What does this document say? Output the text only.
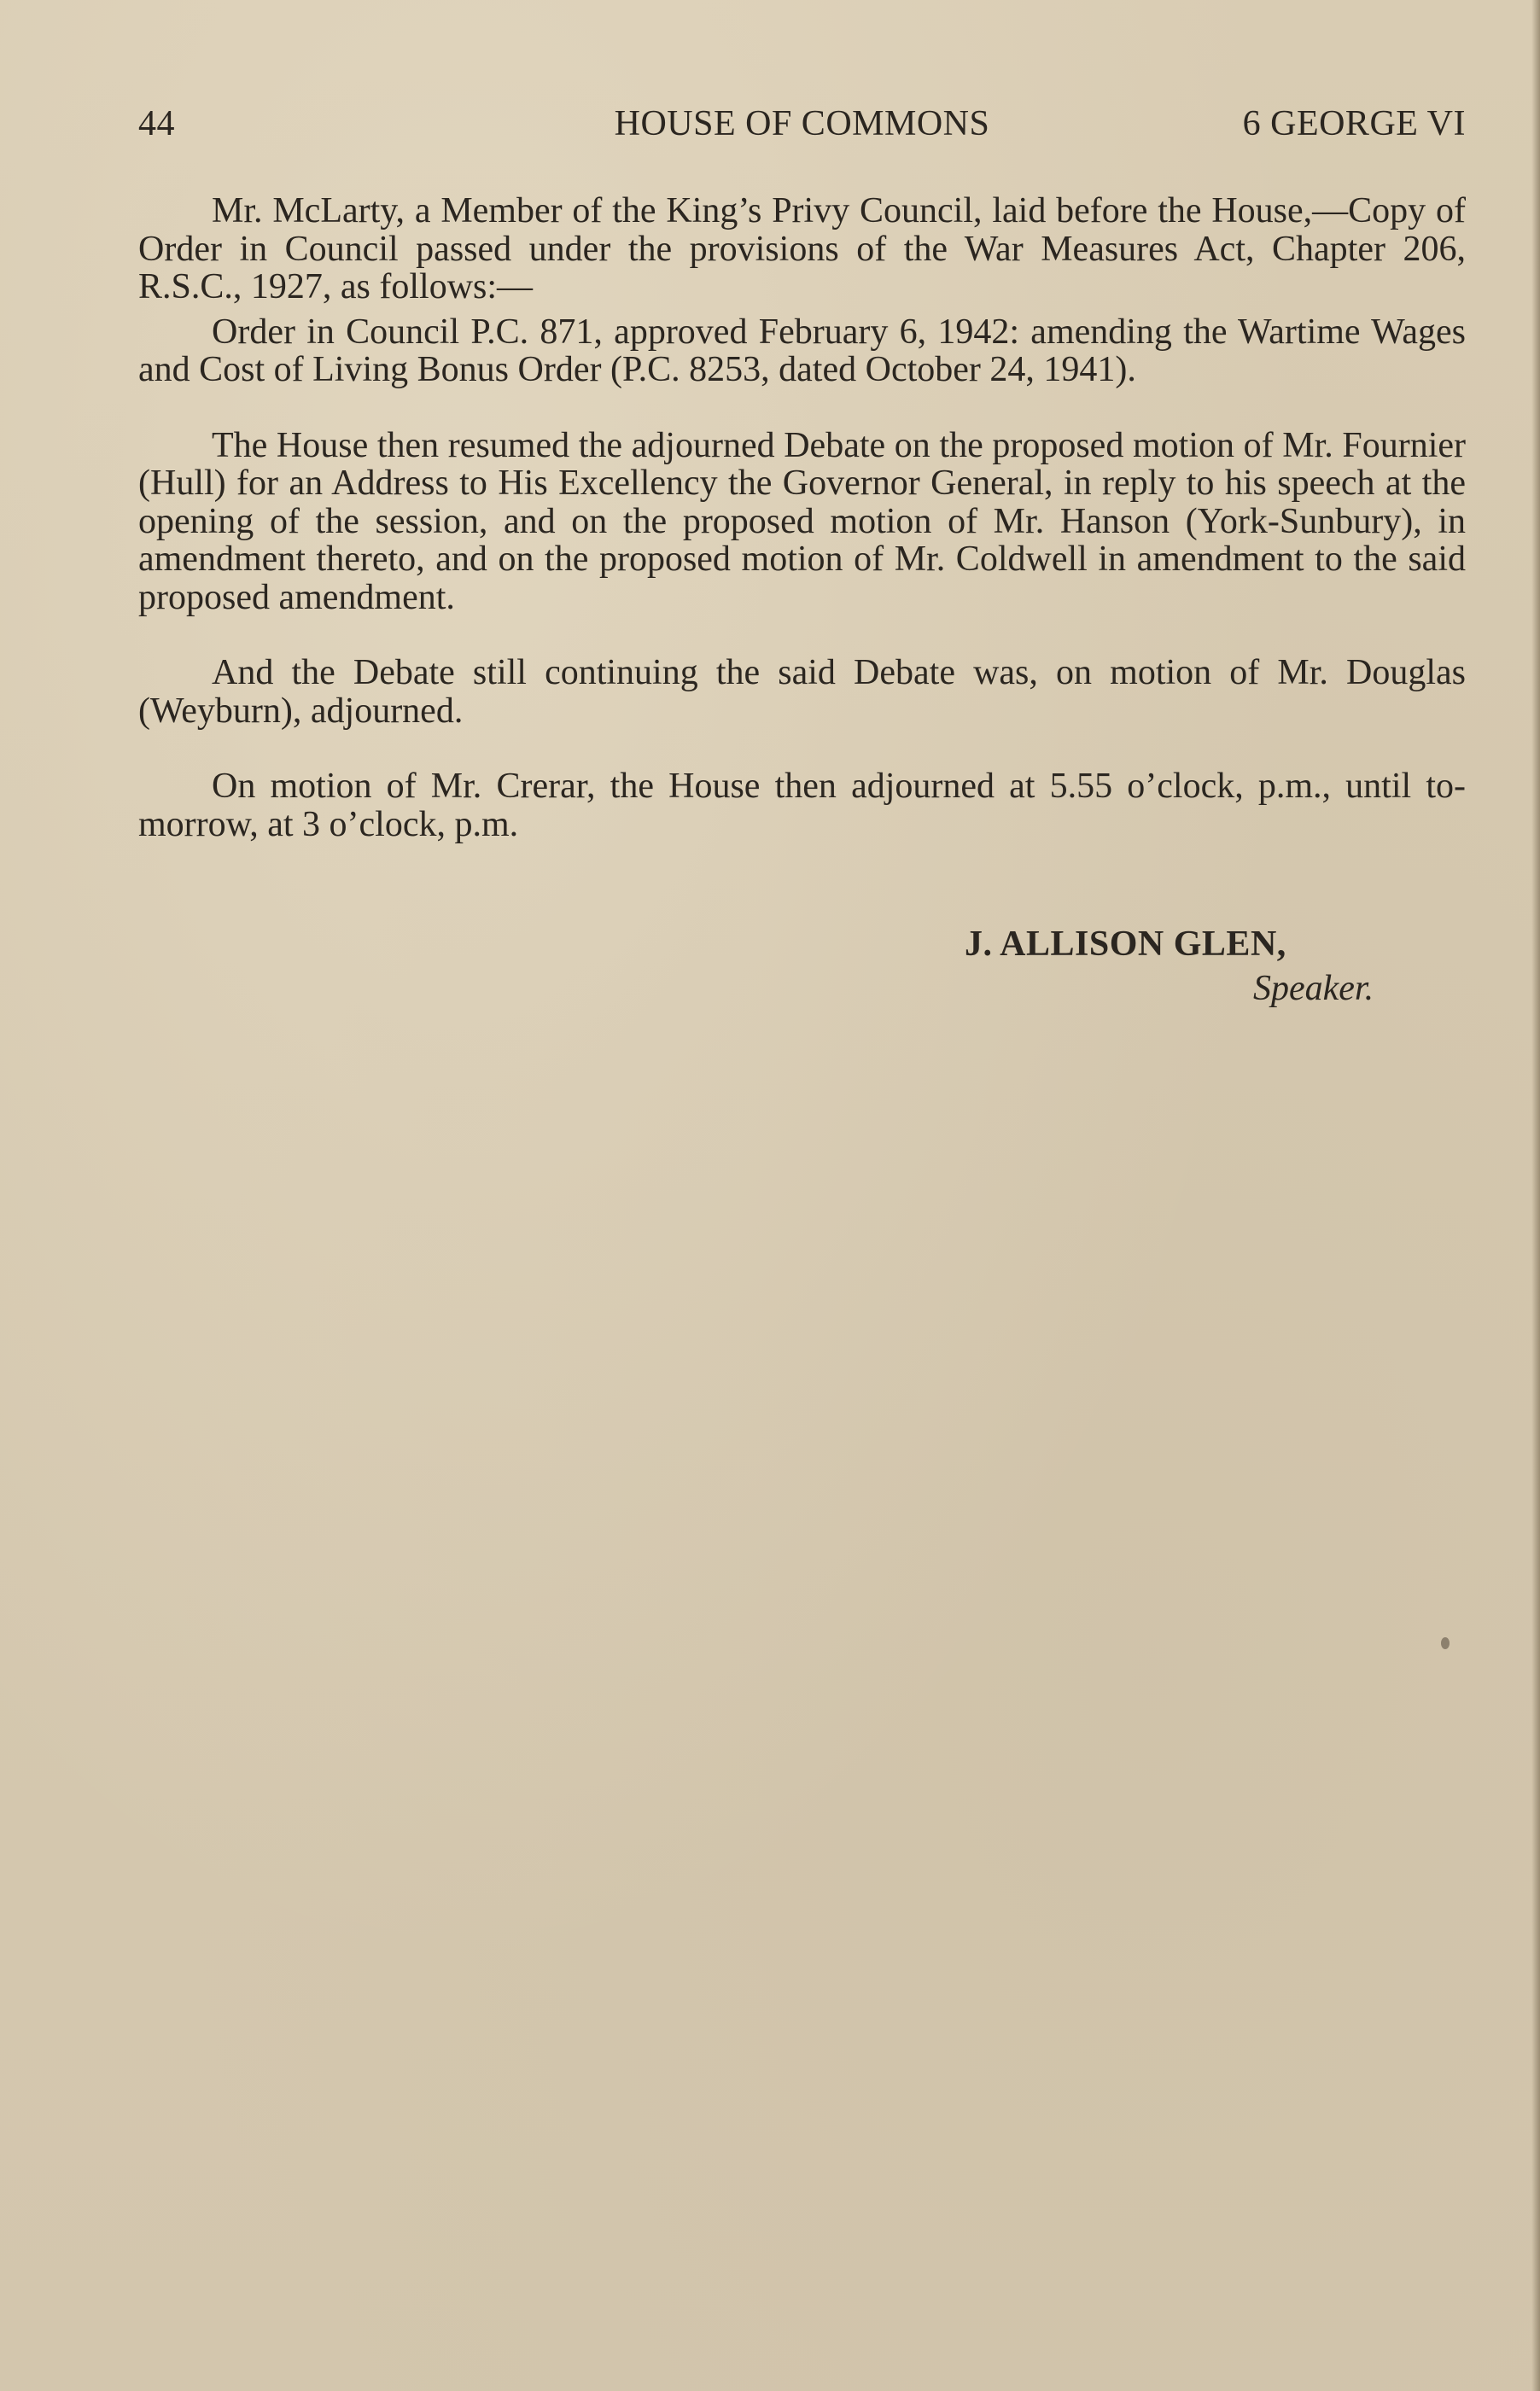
44	HOUSE OF COMMONS	6 GEORGE VI

Mr. McLarty, a Member of the King’s Privy Council, laid before the House,—Copy of Order in Council passed under the provisions of the War Measures Act, Chapter 206, R.S.C., 1927, as follows:—

Order in Council P.C. 871, approved February 6, 1942: amending the Wartime Wages and Cost of Living Bonus Order (P.C. 8253, dated October 24, 1941).

The House then resumed the adjourned Debate on the proposed motion of Mr. Fournier (Hull) for an Address to His Excellency the Governor General, in reply to his speech at the opening of the session, and on the proposed motion of Mr. Hanson (York-Sunbury), in amendment thereto, and on the proposed motion of Mr. Coldwell in amendment to the said proposed amendment.

And the Debate still continuing the said Debate was, on motion of Mr. Douglas (Weyburn), adjourned.

On motion of Mr. Crerar, the House then adjourned at 5.55 o’clock, p.m., until to-morrow, at 3 o’clock, p.m.

J. ALLISON GLEN,
Speaker.
